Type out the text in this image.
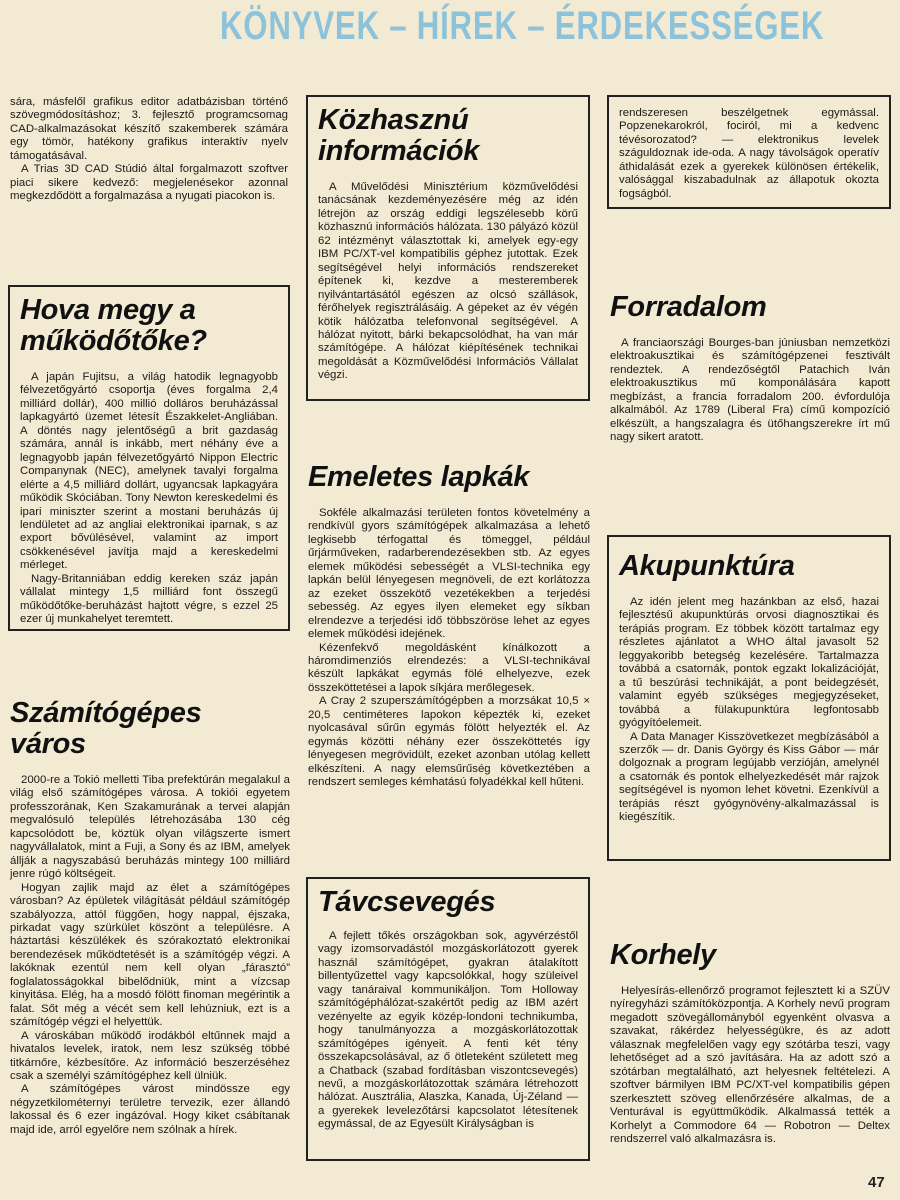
KÖNYVEK – HÍREK – ÉRDEKESSÉGEK
sára, másfelől grafikus editor adatbázisban történő szövegmódosításhoz; 3. fejlesztő programcsomag CAD-alkalmazásokat készítő szakemberek számára egy tömör, hatékony grafikus interaktív nyelv támogatásával.
A Trias 3D CAD Stúdió által forgalmazott szoftver piaci sikere kedvező: megjelenésekor azonnal megkezdődött a forgalmazása a nyugati piacokon is.
Hova megy a működőtőke?
A japán Fujitsu, a világ hatodik legnagyobb félvezetőgyártó csoportja (éves forgalma 2,4 milliárd dollár), 400 millió dolláros beruházással lapkagyártó üzemet létesít Északkelet-Angliában. A döntés nagy jelentőségű a brit gazdaság számára, annál is inkább, mert néhány éve a legnagyobb japán félvezetőgyártó Nippon Electric Companynak (NEC), amelynek tavalyi forgalma elérte a 4,5 milliárd dollárt, ugyancsak lapkagyára működik Skóciában. Tony Newton kereskedelmi és ipari miniszter szerint a mostani beruházás új lendületet ad az angliai elektronikai iparnak, s az export bővülésével, valamint az import csökkenésével javítja majd a kereskedelmi mérleget.
Nagy-Britanniában eddig kereken száz japán vállalat mintegy 1,5 milliárd font összegű működőtőke-beruházást hajtott végre, s ezzel 25 ezer új munkahelyet teremtett.
Számítógépes város
2000-re a Tokió melletti Tiba prefektúrán megalakul a világ első számítógépes városa. A tokiói egyetem professzorának, Ken Szakamurának a tervei alapján megvalósuló település létrehozásába 130 cég kapcsolódott be, köztük olyan világszerte ismert nagyvállalatok, mint a Fuji, a Sony és az IBM, amelyek állják a nagyszabású beruházás mintegy 100 milliárd jenre rúgó költségeit.
Hogyan zajlik majd az élet a számítógépes városban? Az épületek világítását például számítógép szabályozza, attól függően, hogy nappal, éjszaka, pirkadat vagy szürkület köszönt a településre. A háztartási készülékek és szórakoztató elektronikai berendezések működtetését is a számítógép végzi. A lakóknak ezentúl nem kell olyan „fárasztó” foglalatosságokkal bibelődniük, mint a vízcsap kinyitása. Elég, ha a mosdó fölött finoman megérintik a falat. Sőt még a vécét sem kell lehúzniuk, ezt is a számítógép végzi el helyettük.
A városkában működő irodákból eltűnnek majd a hivatalos levelek, iratok, nem lesz szükség többé titkárnőre, kézbesítőre. Az információ beszerzéséhez csak a személyi számítógéphez kell ülniük.
A számítógépes várost mindössze egy négyzetkilométernyi területre tervezik, ezer állandó lakossal és 6 ezer ingázóval. Hogy kiket csábítanak majd ide, arról egyelőre nem szólnak a hírek.
Közhasznú információk
A Művelődési Minisztérium közművelődési tanácsának kezdeményezésére még az idén létrejön az ország eddigi legszélesebb körű közhasznú információs hálózata. 130 pályázó közül 62 intézményt választottak ki, amelyek egy-egy IBM PC/XT-vel kompatibilis géphez jutottak. Ezek segítségével helyi információs rendszereket építenek ki, kezdve a mesteremberek nyilvántartásától egészen az olcsó szállások, férőhelyek regisztrálásáig. A gépeket az év végén kötik hálózatba telefonvonal segítségével. A hálózat nyitott, bárki bekapcsolódhat, ha van már számítógépe. A hálózat kiépítésének technikai megoldását a Közművelődési Információs Vállalat végzi.
Emeletes lapkák
Sokféle alkalmazási területen fontos követelmény a rendkívül gyors számítógépek alkalmazása a lehető legkisebb térfogattal és tömeggel, például űrjárműveken, radarberendezésekben stb. Az egyes elemek működési sebességét a VLSI-technika egy lapkán belül lényegesen megnöveli, de ezt korlátozza az ezeket összekötő vezetékekben a terjedési sebesség. Az egyes ilyen elemeket egy síkban elrendezve a terjedési idő többszöröse lehet az egyes elemek működési idejének.
Kézenfekvő megoldásként kínálkozott a háromdimenziós elrendezés: a VLSI-technikával készült lapkákat egymás fölé elhelyezve, ezek összeköttetései a lapok síkjára merőlegesek.
A Cray 2 szuperszámítógépben a morzsákat 10,5 × 20,5 centiméteres lapokon képezték ki, ezeket nyolcasával sűrűn egymás fölött helyezték el. Az egymás közötti néhány ezer összeköttetés így lényegesen megrövidült, ezeket azonban utólag kellett elkészíteni. A nagy elemsűrűség következtében a rendszert semleges kémhatású folyadékkal kell hűteni.
Távcsevegés
A fejlett tőkés országokban sok, agyvérzéstől vagy izomsorvadástól mozgáskorlátozott gyerek használ számítógépet, gyakran átalakított billentyűzettel vagy kapcsolókkal, hogy szüleivel vagy tanáraival kommunikáljon. Tom Holloway számítógéphálózat-szakértőt pedig az IBM azért vezényelte az egyik közép-londoni technikumba, hogy tanulmányozza a mozgáskorlátozottak számítógépes igényeit. A fenti két tény összekapcsolásával, az ő ötleteként született meg a Chatback (szabad fordításban viszontcsevegés) nevű, a mozgáskorlátozottak számára létrehozott hálózat. Ausztrália, Alaszka, Kanada, Új-Zéland — a gyerekek levelezőtársi kapcsolatot létesítenek egymással, de az Egyesült Királyságban is
rendszeresen beszélgetnek egymással. Popzenekarokról, fociról, mi a kedvenc tévésorozatod? — elektronikus levelek száguldoznak ide-oda. A nagy távolságok operatív áthidalását ezek a gyerekek különösen értékelik, valósággal kiszabadulnak az állapotuk okozta fogságból.
Forradalom
A franciaországi Bourges-ban júniusban nemzetközi elektroakusztikai és számítógépzenei fesztivált rendeztek. A rendezőségtől Patachich Iván elektroakusztikus mű komponálására kapott megbízást, a francia forradalom 200. évfordulója alkalmából. Az 1789 (Liberal Fra) című kompozíció elkészült, a hangszalagra és ütőhangszerekre írt mű nagy sikert aratott.
Akupunktúra
Az idén jelent meg hazánkban az első, hazai fejlesztésű akupunktúrás orvosi diagnosztikai és terápiás program. Ez többek között tartalmaz egy részletes ajánlatot a WHO által javasolt 52 leggyakoribb betegség kezelésére. Tartalmazza továbbá a csatornák, pontok egzakt lokalizációját, a tű beszúrási technikáját, a pont beidegzését, valamint egyéb szükséges megjegyzéseket, továbbá a fülakupunktúra legfontosabb gyógyítóelemeit.
A Data Manager Kisszövetkezet megbízásából a szerzők — dr. Danis György és Kiss Gábor — már dolgoznak a program legújabb verzióján, amelynél a csatornák és pontok elhelyezkedését már rajzok segítségével is nyomon lehet követni. Ezenkívül a terápiás részt gyógynövény-alkalmazással is kiegészítik.
Korhely
Helyesírás-ellenőrző programot fejlesztett ki a SZÜV nyíregyházi számítóközpontja. A Korhely nevű program megadott szövegállományból egyenként olvasva a szavakat, rákérdez helyességükre, és az adott válasznak megfelelően vagy egy szótárba teszi, vagy lehetőséget ad a szó javítására. Ha az adott szó a szótárban megtalálható, azt helyesnek feltételezi. A szoftver bármilyen IBM PC/XT-vel kompatibilis gépen szerkesztett szöveg ellenőrzésére alkalmas, de a Venturával is együttműködik. Alkalmassá tették a Korhelyt a Commodore 64 — Robotron — Deltex rendszerrel való alkalmazásra is.
47
